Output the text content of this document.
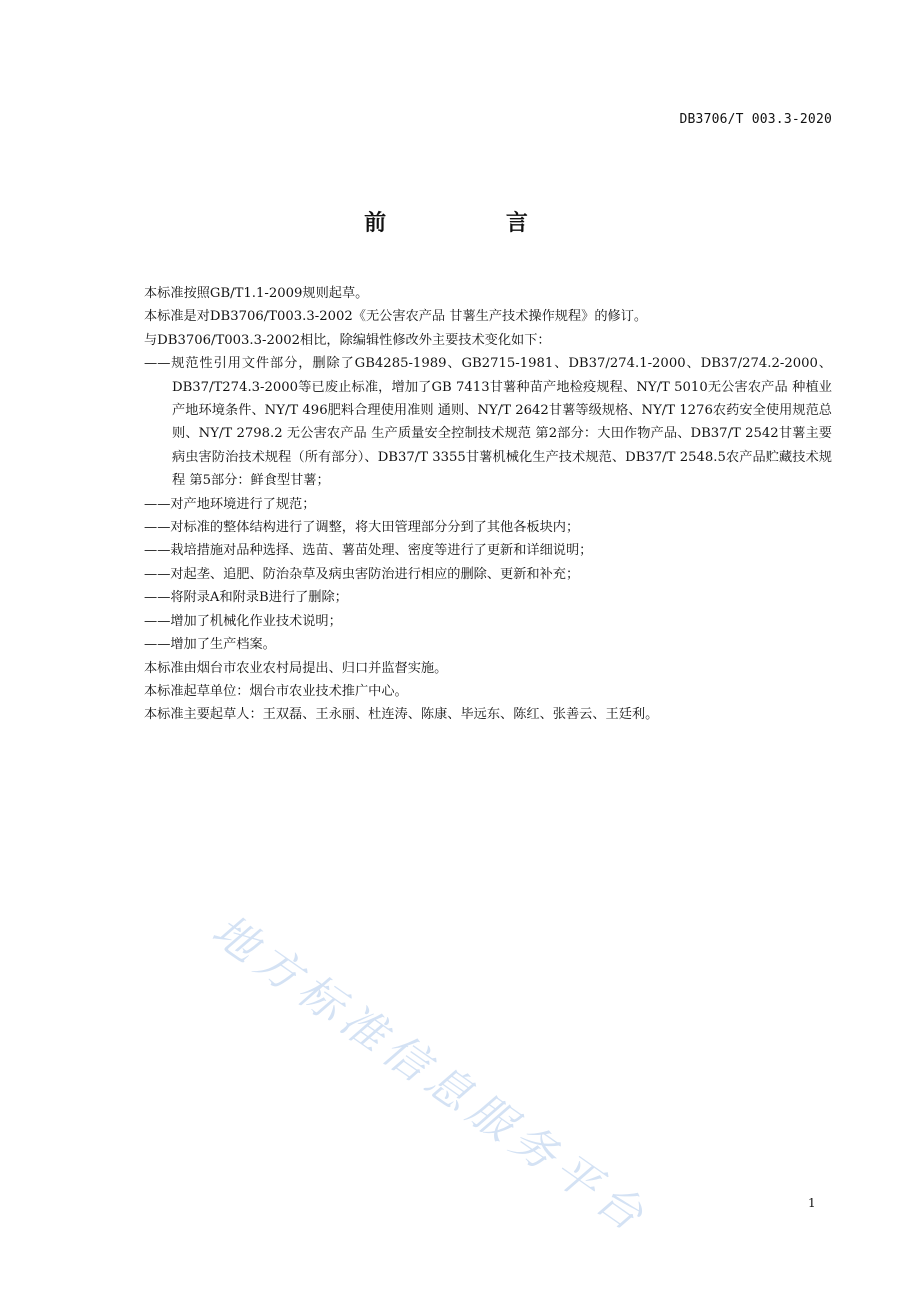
DB3706/T 003.3-2020
前 言
本标准按照GB/T1.1-2009规则起草。
本标准是对DB3706/T003.3-2002《无公害农产品 甘薯生产技术操作规程》的修订。
与DB3706/T003.3-2002相比，除编辑性修改外主要技术变化如下：
——规范性引用文件部分，删除了GB4285-1989、GB2715-1981、DB37/274.1-2000、DB37/274.2-2000、DB37/T274.3-2000等已废止标准，增加了GB 7413甘薯种苗产地检疫规程、NY/T 5010无公害农产品 种植业产地环境条件、NY/T 496肥料合理使用准则 通则、NY/T 2642甘薯等级规格、NY/T 1276农药安全使用规范总则、NY/T 2798.2 无公害农产品 生产质量安全控制技术规范 第2部分：大田作物产品、DB37/T 2542甘薯主要病虫害防治技术规程（所有部分）、DB37/T 3355甘薯机械化生产技术规范、DB37/T 2548.5农产品贮藏技术规程 第5部分：鲜食型甘薯；
——对产地环境进行了规范；
——对标准的整体结构进行了调整，将大田管理部分分到了其他各板块内；
——栽培措施对品种选择、选苗、薯苗处理、密度等进行了更新和详细说明；
——对起垄、追肥、防治杂草及病虫害防治进行相应的删除、更新和补充；
——将附录A和附录B进行了删除；
——增加了机械化作业技术说明；
——增加了生产档案。
本标准由烟台市农业农村局提出、归口并监督实施。
本标准起草单位：烟台市农业技术推广中心。
本标准主要起草人：王双磊、王永丽、杜连涛、陈康、毕远东、陈红、张善云、王廷利。
地方标准信息服务平台	1
